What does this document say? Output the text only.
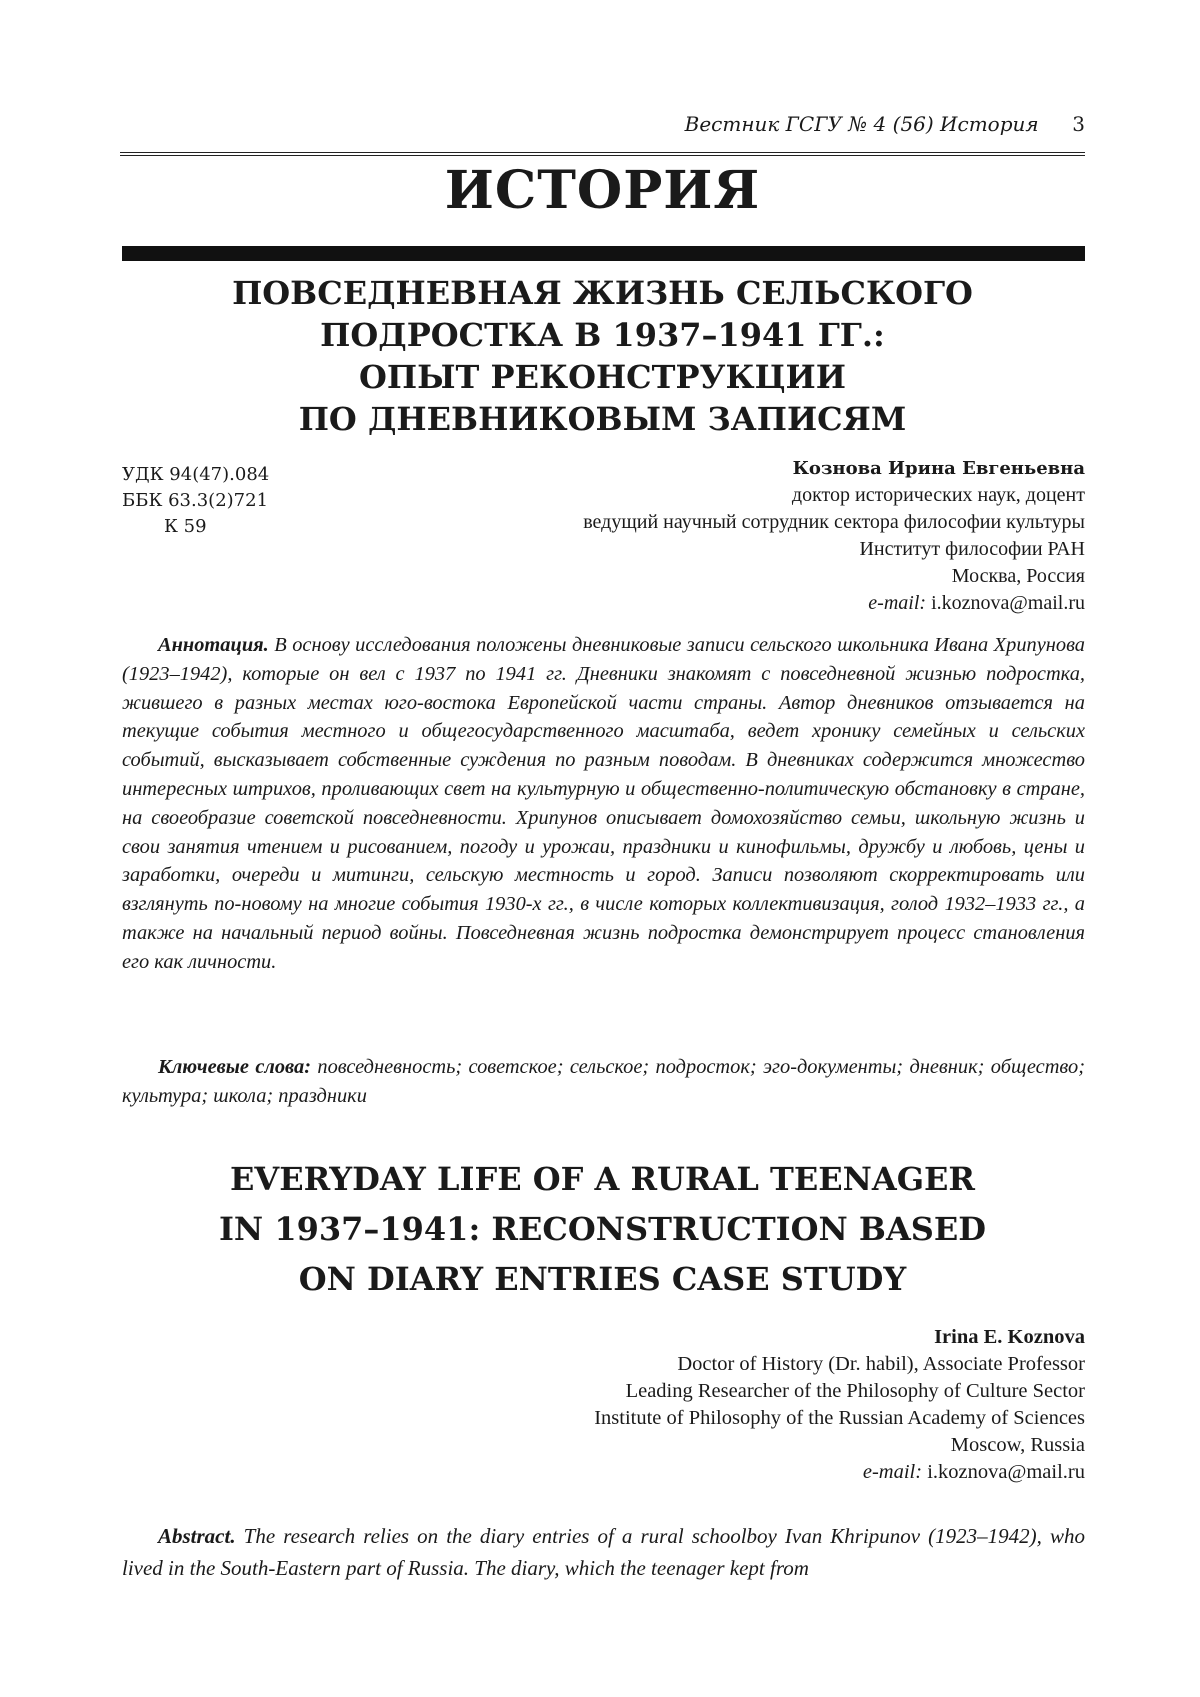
Вестник ГСГУ № 4 (56) История 3
ИСТОРИЯ
ПОВСЕДНЕВНАЯ ЖИЗНЬ СЕЛЬСКОГО
ПОДРОСТКА В 1937–1941 ГГ.:
ОПЫТ РЕКОНСТРУКЦИИ
ПО ДНЕВНИКОВЫМ ЗАПИСЯМ
УДК 94(47).084
ББК 63.3(2)721
К 59
Кознова Ирина Евгеньевна
доктор исторических наук, доцент
ведущий научный сотрудник сектора философии культуры
Институт философии РАН
Москва, Россия
e-mail: i.koznova@mail.ru
Аннотация. В основу исследования положены дневниковые записи сельского школьника Ивана Хрипунова (1923–1942), которые он вел с 1937 по 1941 гг. Дневники знакомят с повседневной жизнью подростка, жившего в разных местах юго-востока Европейской части страны. Автор дневников отзывается на текущие события местного и общегосударственного масштаба, ведет хронику семейных и сельских событий, высказывает собственные суждения по разным поводам. В дневниках содержится множество интересных штрихов, проливающих свет на культурную и общественно-политическую обстановку в стране, на своеобразие советской повседневности. Хрипунов описывает домохозяйство семьи, школьную жизнь и свои занятия чтением и рисованием, погоду и урожаи, праздники и кинофильмы, дружбу и любовь, цены и заработки, очереди и митинги, сельскую местность и город. Записи позволяют скорректировать или взглянуть по-новому на многие события 1930-х гг., в числе которых коллективизация, голод 1932–1933 гг., а также на начальный период войны. Повседневная жизнь подростка демонстрирует процесс становления его как личности.
Ключевые слова: повседневность; советское; сельское; подросток; эго-документы; дневник; общество; культура; школа; праздники
EVERYDAY LIFE OF A RURAL TEENAGER
IN 1937–1941: RECONSTRUCTION BASED
ON DIARY ENTRIES CASE STUDY
Irina E. Koznova
Doctor of History (Dr. habil), Associate Professor
Leading Researcher of the Philosophy of Culture Sector
Institute of Philosophy of the Russian Academy of Sciences
Moscow, Russia
e-mail: i.koznova@mail.ru
Abstract. The research relies on the diary entries of a rural schoolboy Ivan Khripunov (1923–1942), who lived in the South-Eastern part of Russia. The diary, which the teenager kept from
